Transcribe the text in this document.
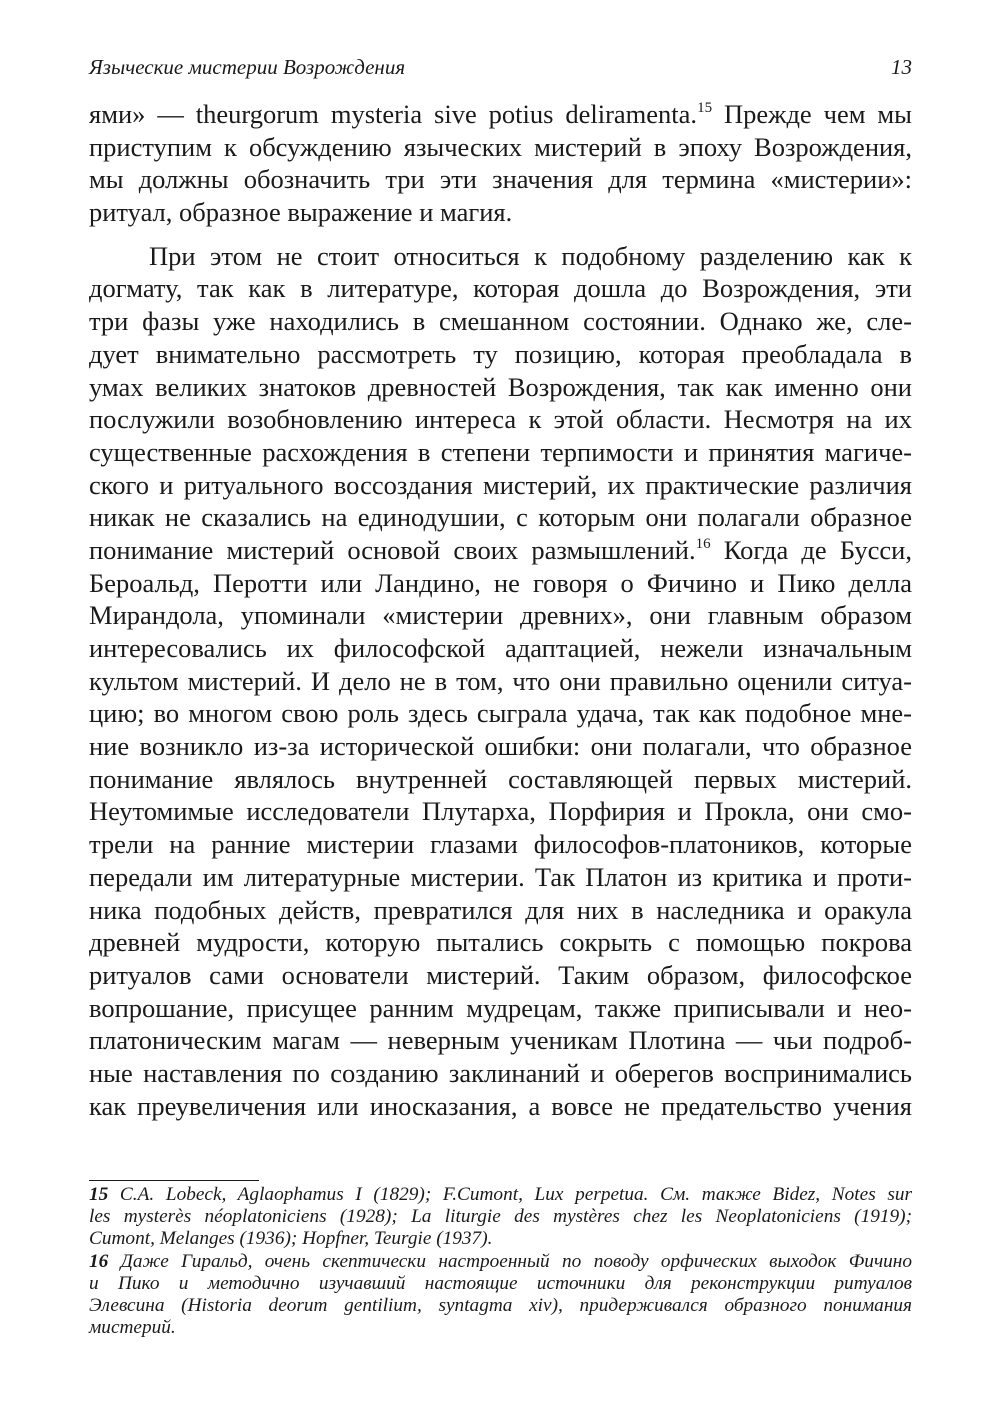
Языческие мистерии Возрождения	13
ями» — theurgorum mysteria sive potius deliramenta.$^{15}$ Прежде чем мы
приступим к обсуждению языческих мистерий в эпоху Возрождения,
мы должны обозначить три эти значения для термина «мистерии»:
ритуал, образное выражение и магия.
При этом не стоит относиться к подобному разделению как к
догмату, так как в литературе, которая дошла до Возрождения, эти
три фазы уже находились в смешанном состоянии. Однако же, сле-
дует внимательно рассмотреть ту позицию, которая преобладала в
умах великих знатоков древностей Возрождения, так как именно они
послужили возобновлению интереса к этой области. Несмотря на их
существенные расхождения в степени терпимости и принятия магиче-
ского и ритуального воссоздания мистерий, их практические различия
никак не сказались на единодушии, с которым они полагали образное
понимание мистерий основой своих размышлений.$^{16}$ Когда де Бусси,
Бероальд, Перотти или Ландино, не говоря о Фичино и Пико делла
Мирандола, упоминали «мистерии древних», они главным образом
интересовались их философской адаптацией, нежели изначальным
культом мистерий. И дело не в том, что они правильно оценили ситуа-
цию; во многом свою роль здесь сыграла удача, так как подобное мне-
ние возникло из-за исторической ошибки: они полагали, что образное
понимание являлось внутренней составляющей первых мистерий.
Неутомимые исследователи Плутарха, Порфирия и Прокла, они смо-
трели на ранние мистерии глазами философов-платоников, которые
передали им литературные мистерии. Так Платон из критика и проти-
ника подобных действ, превратился для них в наследника и оракула
древней мудрости, которую пытались сокрыть с помощью покрова
ритуалов сами основатели мистерий. Таким образом, философское
вопрошание, присущее ранним мудрецам, также приписывали и нео-
платоническим магам — неверным ученикам Плотина — чьи подроб-
ные наставления по созданию заклинаний и оберегов воспринимались
как преувеличения или иносказания, а вовсе не предательство учения
15 C.A. Lobeck, Aglaophamus I (1829); F.Cumont, Lux perpetua. См. также Bidez, Notes sur
les mysterès néoplatoniciens (1928); La liturgie des mystères chez les Neoplatoniciens (1919);
Cumont, Melanges (1936); Hopfner, Teurgie (1937).
16 Даже Гиральд, очень скептически настроенный по поводу орфических выходок Фичино
и Пико и методично изучавший настоящие источники для реконструкции ритуалов
Элевсина (Historia deorum gentilium, syntagma xiv), придерживался образного понимания
мистерий.
